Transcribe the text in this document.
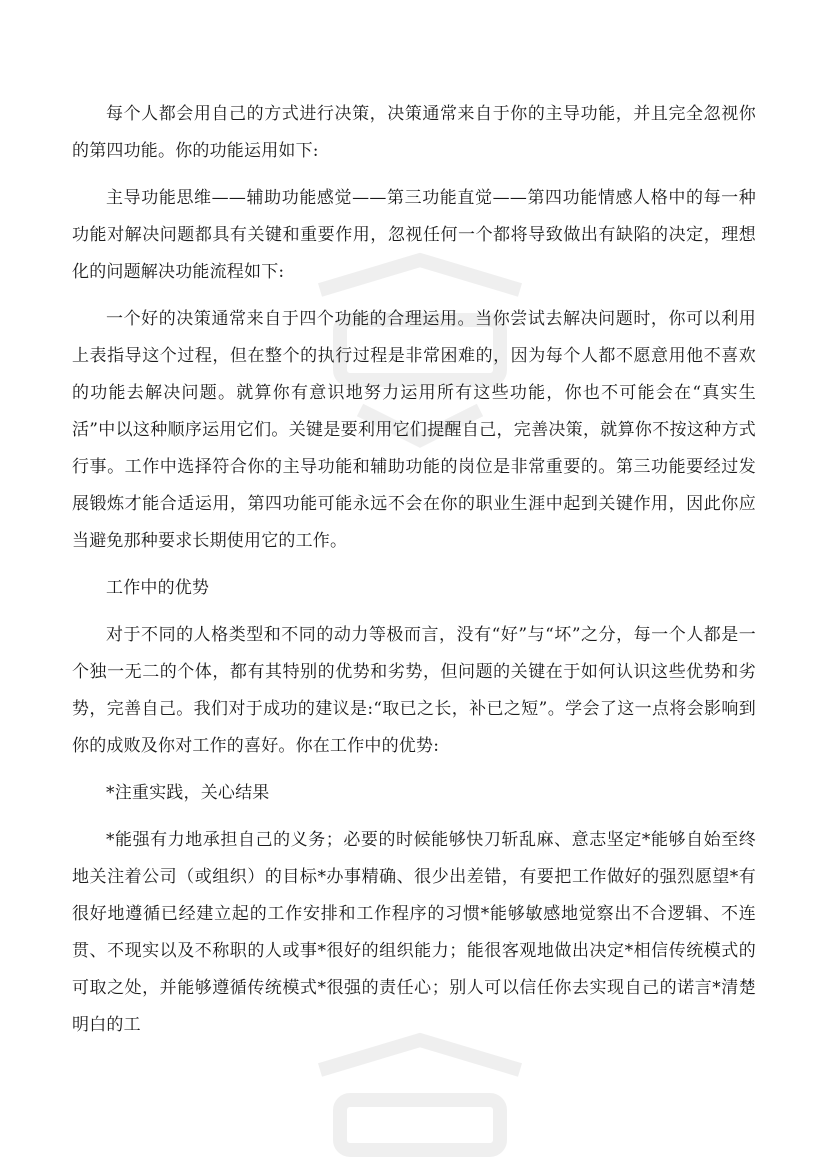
每个人都会用自己的方式进行决策，决策通常来自于你的主导功能，并且完全忽视你的第四功能。你的功能运用如下:

主导功能思维——辅助功能感觉——第三功能直觉——第四功能情感人格中的每一种功能对解决问题都具有关键和重要作用，忽视任何一个都将导致做出有缺陷的决定，理想化的问题解决功能流程如下:

一个好的决策通常来自于四个功能的合理运用。当你尝试去解决问题时，你可以利用上表指导这个过程，但在整个的执行过程是非常困难的，因为每个人都不愿意用他不喜欢的功能去解决问题。就算你有意识地努力运用所有这些功能，你也不可能会在“真实生活”中以这种顺序运用它们。关键是要利用它们提醒自己，完善决策，就算你不按这种方式行事。工作中选择符合你的主导功能和辅助功能的岗位是非常重要的。第三功能要经过发展锻炼才能合适运用，第四功能可能永远不会在你的职业生涯中起到关键作用，因此你应当避免那种要求长期使用它的工作。

工作中的优势

对于不同的人格类型和不同的动力等极而言，没有“好”与“坏”之分，每一个人都是一个独一无二的个体，都有其特别的优势和劣势，但问题的关键在于如何认识这些优势和劣势，完善自己。我们对于成功的建议是:“取已之长，补已之短”。学会了这一点将会影响到你的成败及你对工作的喜好。你在工作中的优势:

*注重实践，关心结果

*能强有力地承担自己的义务；必要的时候能够快刀斩乱麻、意志坚定*能够自始至终地关注着公司（或组织）的目标*办事精确、很少出差错，有要把工作做好的强烈愿望*有很好地遵循已经建立起的工作安排和工作程序的习惯*能够敏感地觉察出不合逻辑、不连贯、不现实以及不称职的人或事*很好的组织能力；能很客观地做出决定*相信传统模式的可取之处，并能够遵循传统模式*很强的责任心；别人可以信任你去实现自己的诺言*清楚明白的工
